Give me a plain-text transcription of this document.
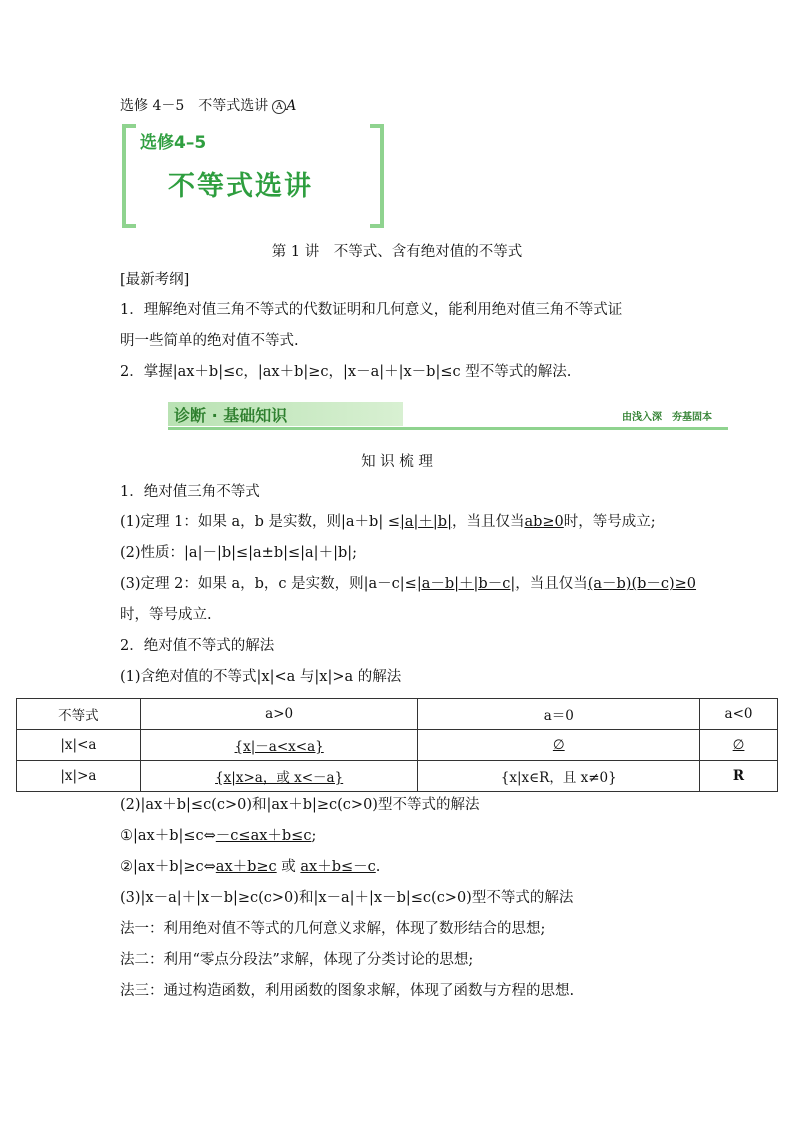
选修 4－5　不等式选讲 A A
选修4–5
不等式选讲
第 1 讲　不等式、含有绝对值的不等式
[最新考纲]
1．理解绝对值三角不等式的代数证明和几何意义，能利用绝对值三角不等式证
明一些简单的绝对值不等式.
2．掌握|ax＋b|≤c，|ax＋b|≥c，|x－a|＋|x－b|≤c 型不等式的解法.
诊断 · 基础知识	由浅入深　夯基固本
知 识 梳 理
1．绝对值三角不等式
(1)定理 1：如果 a，b 是实数，则|a＋b| ≤|a|＋|b|，当且仅当ab≥0时，等号成立;
(2)性质：|a|－|b|≤|a±b|≤|a|＋|b|;
(3)定理 2：如果 a，b，c 是实数，则|a－c|≤|a－b|＋|b－c|，当且仅当(a－b)(b－c)≥0
时，等号成立.
2．绝对值不等式的解法
(1)含绝对值的不等式|x|<a 与|x|>a 的解法
不等式	a>0	a＝0	a<0
|x|<a	{x|－a<x<a}	∅	∅
|x|>a	{x|x>a，或 x<－a}	{x|x∈R，且 x≠0}	R
(2)|ax＋b|≤c(c>0)和|ax＋b|≥c(c>0)型不等式的解法
①|ax＋b|≤c⇔－c≤ax＋b≤c;
②|ax＋b|≥c⇔ax＋b≥c 或 ax＋b≤－c.
(3)|x－a|＋|x－b|≥c(c>0)和|x－a|＋|x－b|≤c(c>0)型不等式的解法
法一：利用绝对值不等式的几何意义求解，体现了数形结合的思想;
法二：利用“零点分段法”求解，体现了分类讨论的思想;
法三：通过构造函数，利用函数的图象求解，体现了函数与方程的思想.
